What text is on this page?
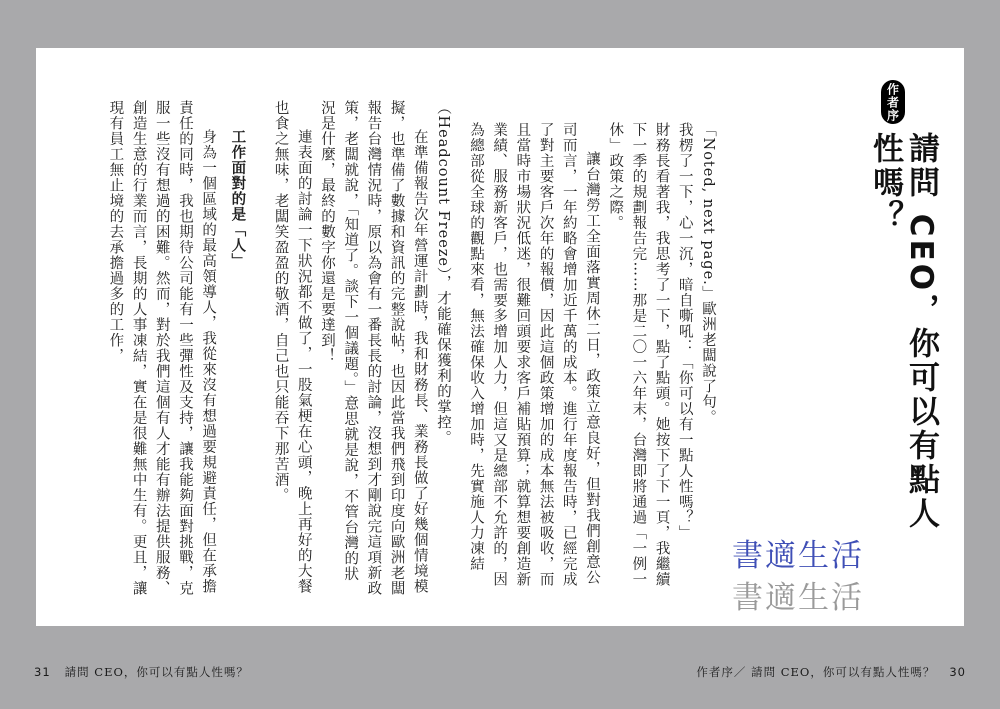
（Headcount Freeze），才能確保獲利的掌控。

在準備報告次年營運計劃時，我和財務長、業務長做了好幾個情境模擬，也準備了數據和資訊的完整說帖，也因此當我們飛到印度向歐洲老闆報告台灣情況時，原以為會有一番長長的討論，沒想到才剛說完這項新政策，老闆就說，「知道了。談下一個議題。」意思就是說，不管台灣的狀況是什麼，最終的數字你還是要達到！

連表面的討論一下狀況都不做了，一股氣梗在心頭，晚上再好的大餐也食之無味，老闆笑盈盈的敬酒，自己也只能吞下那苦酒。

工作面對的是「人」

身為一個區域的最高領導人，我從來沒有想過要規避責任，但在承擔責任的同時，我也期待公司能有一些彈性及支持，讓我能夠面對挑戰，克服一些沒有想過的困難。然而，對於我們這個有人才能有辦法提供服務、創造生意的行業而言，長期的人事凍結，實在是很難無中生有。更且，讓現有員工無止境的去承擔過多的工作，	「Noted, next page.」歐洲老闆說了句。

我楞了一下，心一沉，暗自嘶吼：「你可以有一點人性嗎？」

財務長看著我，我思考了一下，點了點頭。她按下了下一頁，我繼續下一季的規劃報告完……那是二〇一六年末，台灣即將通過「一例一休」政策之際。

讓台灣勞工全面落實周休二日，政策立意良好，但對我們創意公司而言，一年約略會增加近千萬的成本。進行年度報告時，已經完成了對主要客戶次年的報價，因此這個政策增加的成本無法被吸收，而且當時市場狀況低迷，很難回頭要求客戶補貼預算；就算想要創造新業績、服務新客戶，也需要多增加人力，但這又是總部不允許的，因為總部從全球的觀點來看，無法確保收入增加時，先實施人力凍結

作者序
請問 CEO，你可以有點人性嗎？
書適生活
書適生活
31 請問 CEO，你可以有點人性嗎？	作者序／ 請問 CEO，你可以有點人性嗎？ 30
